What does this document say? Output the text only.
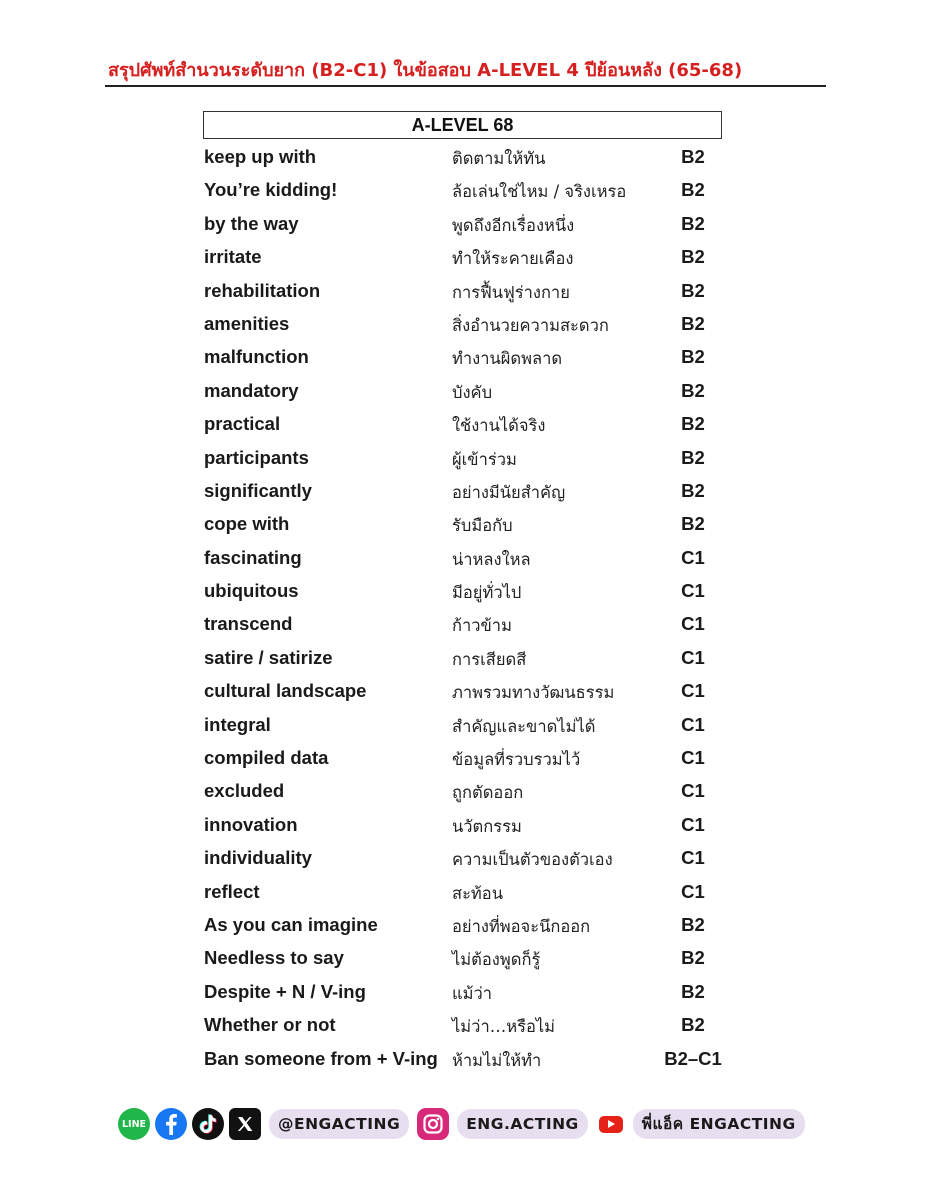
สรุปศัพท์สำนวนระดับยาก (B2-C1) ในข้อสอบ A-LEVEL 4 ปีย้อนหลัง (65-68)
A-LEVEL 68
keep up with	ติดตามให้ทัน	B2
You’re kidding!	ล้อเล่นใช่ไหม / จริงเหรอ	B2
by the way	พูดถึงอีกเรื่องหนึ่ง	B2
irritate	ทำให้ระคายเคือง	B2
rehabilitation	การฟื้นฟูร่างกาย	B2
amenities	สิ่งอำนวยความสะดวก	B2
malfunction	ทำงานผิดพลาด	B2
mandatory	บังคับ	B2
practical	ใช้งานได้จริง	B2
participants	ผู้เข้าร่วม	B2
significantly	อย่างมีนัยสำคัญ	B2
cope with	รับมือกับ	B2
fascinating	น่าหลงใหล	C1
ubiquitous	มีอยู่ทั่วไป	C1
transcend	ก้าวข้าม	C1
satire / satirize	การเสียดสี	C1
cultural landscape	ภาพรวมทางวัฒนธรรม	C1
integral	สำคัญและขาดไม่ได้	C1
compiled data	ข้อมูลที่รวบรวมไว้	C1
excluded	ถูกตัดออก	C1
innovation	นวัตกรรม	C1
individuality	ความเป็นตัวของตัวเอง	C1
reflect	สะท้อน	C1
As you can imagine	อย่างที่พอจะนึกออก	B2
Needless to say	ไม่ต้องพูดก็รู้	B2
Despite + N / V-ing	แม้ว่า	B2
Whether or not	ไม่ว่า…หรือไม่	B2
Ban someone from + V-ing ห้ามไม่ให้ทำ	B2–C1
LINE	@ENGACTING	ENG.ACTING	พี่แอ็ค ENGACTING
